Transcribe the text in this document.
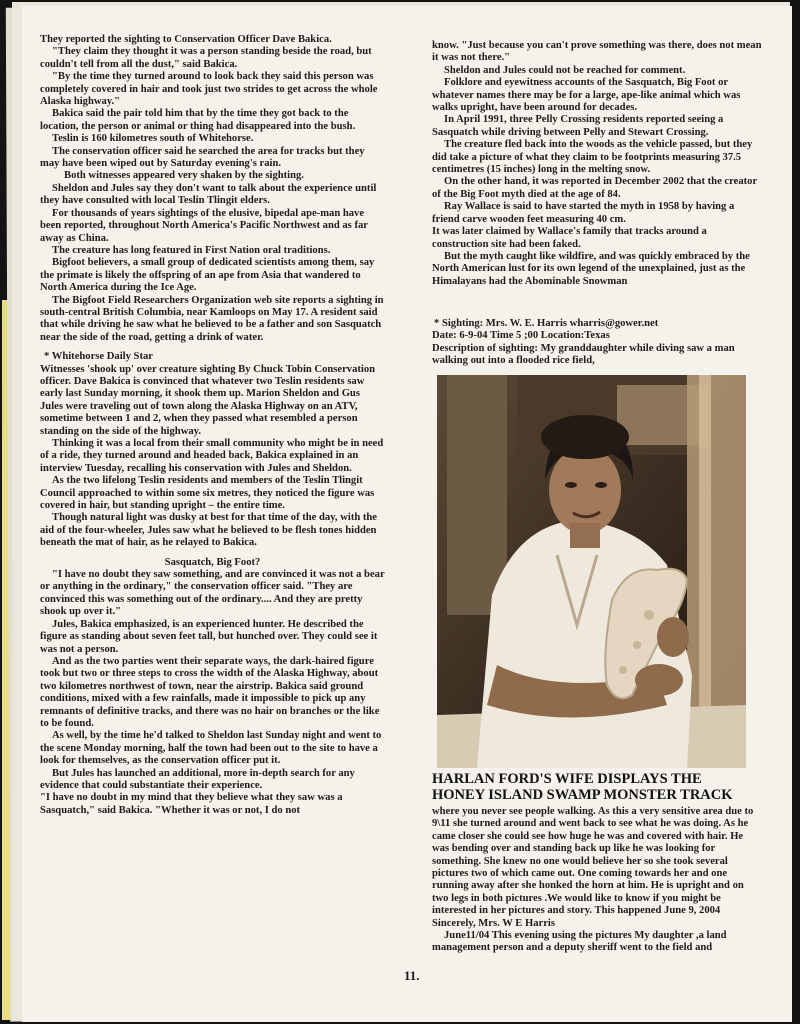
They reported the sighting to Conservation Officer Dave Bakica.

"They claim they thought it was a person standing beside the road, but couldn't tell from all the dust," said Bakica.

"By the time they turned around to look back they said this person was completely covered in hair and took just two strides to get across the whole Alaska highway."

Bakica said the pair told him that by the time they got back to the location, the person or animal or thing had disappeared into the bush.

Teslin is 160 kilometres south of Whitehorse.

The conservation officer said he searched the area for tracks but they may have been wiped out by Saturday evening's rain.

Both witnesses appeared very shaken by the sighting.

Sheldon and Jules say they don't want to talk about the experience until they have consulted with local Teslin Tlingit elders.

For thousands of years sightings of the elusive, bipedal ape-man have been reported, throughout North America's Pacific Northwest and as far away as China.

The creature has long featured in First Nation oral traditions.

Bigfoot believers, a small group of dedicated scientists among them, say the primate is likely the offspring of an ape from Asia that wandered to North America during the Ice Age.

The Bigfoot Field Researchers Organization web site reports a sighting in south-central British Columbia, near Kamloops on May 17. A resident said that while driving he saw what he believed to be a father and son Sasquatch near the side of the road, getting a drink of water.

* Whitehorse Daily Star

Witnesses 'shook up' over creature sighting By Chuck Tobin Conservation officer. Dave Bakica is convinced that whatever two Teslin residents saw early last Sunday morning, it shook them up. Marion Sheldon and Gus Jules were traveling out of town along the Alaska Highway on an ATV, sometime between 1 and 2, when they passed what resembled a person standing on the side of the highway.

Thinking it was a local from their small community who might be in need of a ride, they turned around and headed back, Bakica explained in an interview Tuesday, recalling his conservation with Jules and Sheldon.

As the two lifelong Teslin residents and members of the Teslin Tlingit Council approached to within some six metres, they noticed the figure was covered in hair, but standing upright – the entire time.

Though natural light was dusky at best for that time of the day, with the aid of the four-wheeler, Jules saw what he believed to be flesh tones hidden beneath the mat of hair, as he relayed to Bakica.

Sasquatch, Big Foot?

"I have no doubt they saw something, and are convinced it was not a bear or anything in the ordinary," the conservation officer said. "They are convinced this was something out of the ordinary.... And they are pretty shook up over it."

Jules, Bakica emphasized, is an experienced hunter. He described the figure as standing about seven feet tall, but hunched over. They could see it was not a person.

And as the two parties went their separate ways, the dark-haired figure took but two or three steps to cross the width of the Alaska Highway, about two kilometres northwest of town, near the airstrip. Bakica said ground conditions, mixed with a few rainfalls, made it impossible to pick up any remnants of definitive tracks, and there was no hair on branches or the like to be found.

As well, by the time he'd talked to Sheldon last Sunday night and went to the scene Monday morning, half the town had been out to the site to have a look for themselves, as the conservation officer put it.

But Jules has launched an additional, more in-depth search for any evidence that could substantiate their experience.

"I have no doubt in my mind that they believe what they saw was a Sasquatch," said Bakica. "Whether it was or not, I do not

know. "Just because you can't prove something was there, does not mean it was not there."

Sheldon and Jules could not be reached for comment.

Folklore and eyewitness accounts of the Sasquatch, Big Foot or whatever names there may be for a large, ape-like animal which was walks upright, have been around for decades.

In April 1991, three Pelly Crossing residents reported seeing a Sasquatch while driving between Pelly and Stewart Crossing.

The creature fled back into the woods as the vehicle passed, but they did take a picture of what they claim to be footprints measuring 37.5 centimetres (15 inches) long in the melting snow.

On the other hand, it was reported in December 2002 that the creator of the Big Foot myth died at the age of 84.

Ray Wallace is said to have started the myth in 1958 by having a friend carve wooden feet measuring 40 cm.

It was later claimed by Wallace's family that tracks around a construction site had been faked.

But the myth caught like wildfire, and was quickly embraced by the North American lust for its own legend of the unexplained, just as the Himalayans had the Abominable Snowman

* Sighting: Mrs. W. E. Harris wharris@gower.net

Date: 6-9-04 Time 5 ;00 Location:Texas

Description of sighting: My granddaughter while diving saw a man walking out into a flooded rice field,

HARLAN FORD'S WIFE DISPLAYS THE HONEY ISLAND SWAMP MONSTER TRACK

where you never see people walking. As this a very sensitive area due to 9\11 she turned around and went back to see what he was doing. As he came closer she could see how huge he was and covered with hair. He was bending over and standing back up like he was looking for something. She knew no one would believe her so she took several pictures two of which came out. One coming towards her and one running away after she honked the horn at him. He is upright and on two legs in both pictures .We would like to know if you might be interested in her pictures and story. This happened June 9, 2004

Sincerely, Mrs. W E Harris

June11/04 This evening using the pictures My daughter ,a land management person and a deputy sheriff went to the field and

11.
